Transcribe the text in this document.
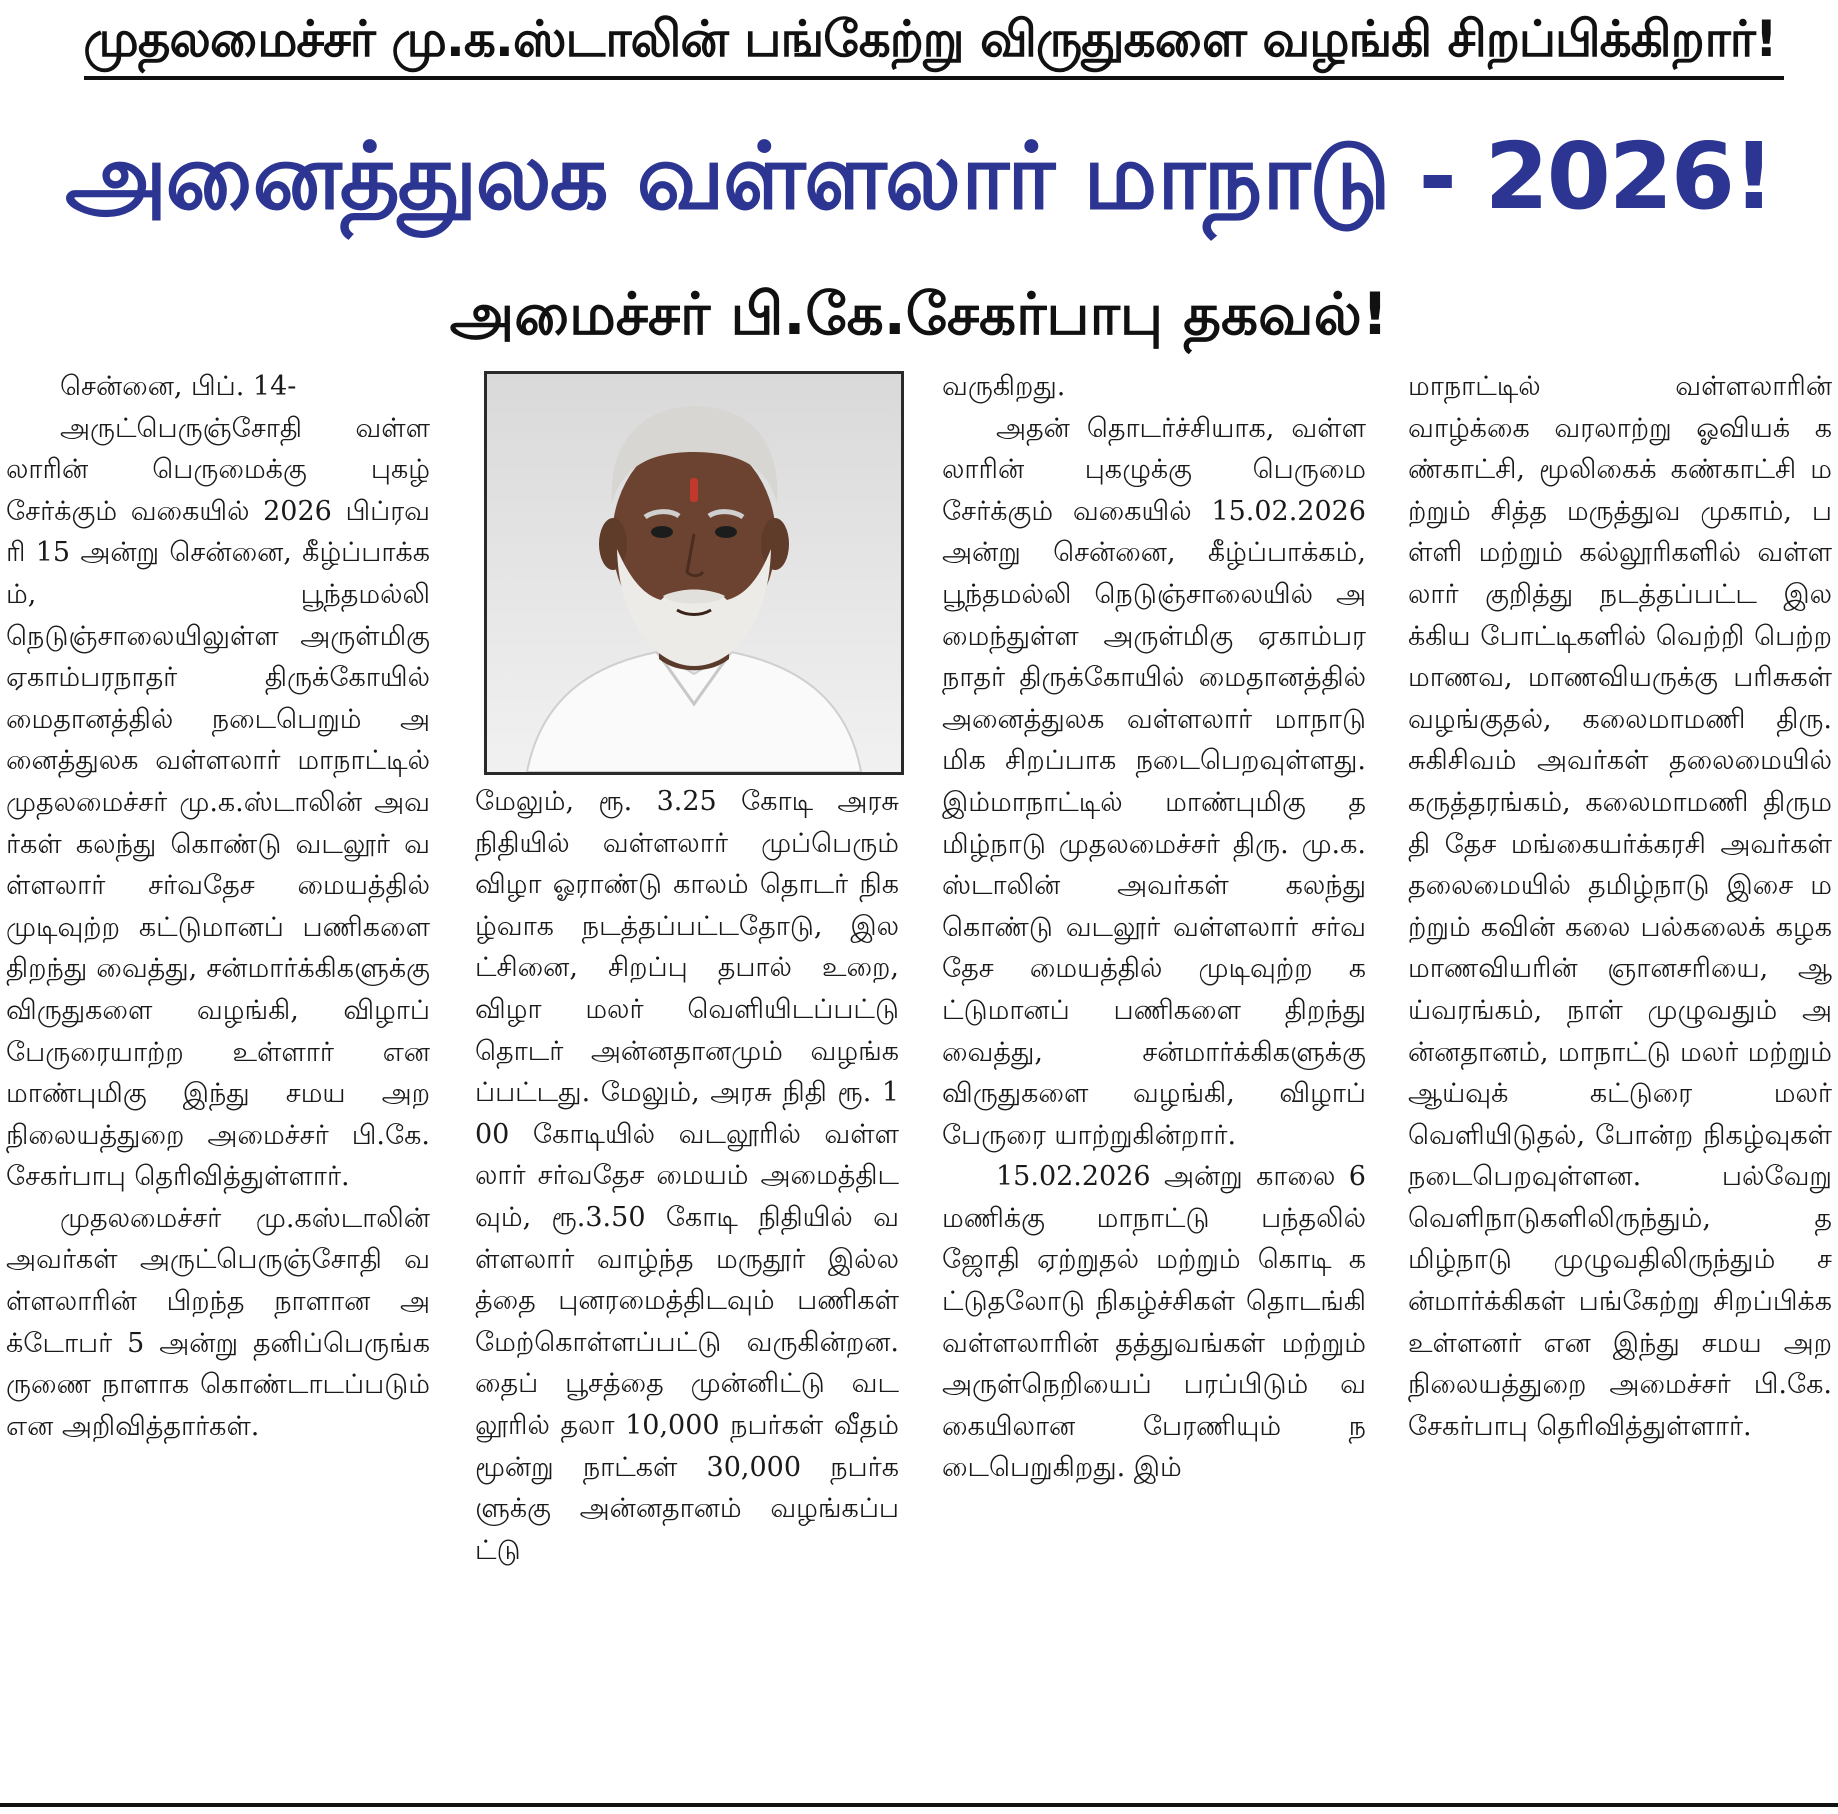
முதலமைச்சர் மு.க.ஸ்டாலின் பங்கேற்று விருதுகளை வழங்கி சிறப்பிக்கிறார்!
அனைத்துலக வள்ளலார் மாநாடு - 2026!
அமைச்சர் பி.கே.சேகர்பாபு தகவல்!

சென்னை, பிப். 14-

அருட்பெருஞ்சோதி வள்ளலாரின் பெருமைக்கு புகழ் சேர்க்கும் வகையில் 2026 பிப்ரவரி 15 அன்று சென்னை, கீழ்ப்பாக்கம், பூந்தமல்லி நெடுஞ்சாலையிலுள்ள அருள்மிகு ஏகாம்பரநாதர் திருக்கோயில் மைதானத்தில் நடைபெறும் அனைத்துலக வள்ளலார் மாநாட்டில் முதலமைச்சர் மு.க.ஸ்டாலின் அவர்கள் கலந்து கொண்டு வடலூர் வள்ளலார் சர்வதேச மையத்தில் முடிவுற்ற கட்டுமானப் பணிகளை திறந்து வைத்து, சன்மார்க்கிகளுக்கு விருதுகளை வழங்கி, விழாப் பேருரையாற்ற உள்ளார் என மாண்புமிகு இந்து சமய அறநிலையத்துறை அமைச்சர் பி.கே.சேகர்பாபு தெரிவித்துள்ளார்.

முதலமைச்சர் மு.கஸ்டாலின் அவர்கள் அருட்பெருஞ்சோதி வள்ளலாரின் பிறந்த நாளான அக்டோபர் 5 அன்று தனிப்பெருங்கருணை நாளாக கொண்டாடப்படும் என அறிவித்தார்கள்.

மேலும், ரூ. 3.25 கோடி அரசு நிதியில் வள்ளலார் முப்பெரும் விழா ஓராண்டு காலம் தொடர் நிகழ்வாக நடத்தப்பட்டதோடு, இலட்சினை, சிறப்பு தபால் உறை, விழா மலர் வெளியிடப்பட்டு தொடர் அன்னதானமும் வழங்கப்பட்டது. மேலும், அரசு நிதி ரூ. 100 கோடியில் வடலூரில் வள்ளலார் சர்வதேச மையம் அமைத்திடவும், ரூ.3.50 கோடி நிதியில் வள்ளலார் வாழ்ந்த மருதூர் இல்லத்தை புனரமைத்திடவும் பணிகள் மேற்கொள்ளப்பட்டு வருகின்றன. தைப் பூசத்தை முன்னிட்டு வடலூரில் தலா 10,000 நபர்கள் வீதம் மூன்று நாட்கள் 30,000 நபர்களுக்கு அன்னதானம் வழங்கப்பட்டு

வருகிறது.

அதன் தொடர்ச்சியாக, வள்ளலாரின் புகழுக்கு பெருமை சேர்க்கும் வகையில் 15.02.2026 அன்று சென்னை, கீழ்ப்பாக்கம், பூந்தமல்லி நெடுஞ்சாலையில் அமைந்துள்ள அருள்மிகு ஏகாம்பரநாதர் திருக்கோயில் மைதானத்தில் அனைத்துலக வள்ளலார் மாநாடு மிக சிறப்பாக நடைபெறவுள்ளது. இம்மாநாட்டில் மாண்புமிகு தமிழ்நாடு முதலமைச்சர் திரு. மு.க.ஸ்டாலின் அவர்கள் கலந்து கொண்டு வடலூர் வள்ளலார் சர்வதேச மையத்தில் முடிவுற்ற கட்டுமானப் பணிகளை திறந்து வைத்து, சன்மார்க்கிகளுக்கு விருதுகளை வழங்கி, விழாப் பேருரை யாற்றுகின்றார்.

15.02.2026 அன்று காலை 6 மணிக்கு மாநாட்டு பந்தலில் ஜோதி ஏற்றுதல் மற்றும் கொடி கட்டுதலோடு நிகழ்ச்சிகள் தொடங்கி வள்ளலாரின் தத்துவங்கள் மற்றும் அருள்நெறியைப் பரப்பிடும் வகையிலான பேரணியும் நடைபெறுகிறது. இம்

மாநாட்டில் வள்ளலாரின் வாழ்க்கை வரலாற்று ஓவியக் கண்காட்சி, மூலிகைக் கண்காட்சி மற்றும் சித்த மருத்துவ முகாம், பள்ளி மற்றும் கல்லூரிகளில் வள்ளலார் குறித்து நடத்தப்பட்ட இலக்கிய போட்டிகளில் வெற்றி பெற்ற மாணவ, மாணவியருக்கு பரிசுகள் வழங்குதல், கலைமாமணி திரு. சுகிசிவம் அவர்கள் தலைமையில் கருத்தரங்கம், கலைமாமணி திருமதி தேச மங்கையர்க்கரசி அவர்கள் தலைமையில் தமிழ்நாடு இசை மற்றும் கவின் கலை பல்கலைக் கழக மாணவியரின் ஞானசரியை, ஆய்வரங்கம், நாள் முழுவதும் அன்னதானம், மாநாட்டு மலர் மற்றும் ஆய்வுக் கட்டுரை மலர் வெளியிடுதல், போன்ற நிகழ்வுகள் நடைபெறவுள்ளன. பல்வேறு வெளிநாடுகளிலிருந்தும், தமிழ்நாடு முழுவதிலிருந்தும் சன்மார்க்கிகள் பங்கேற்று சிறப்பிக்க உள்ளனர் என இந்து சமய அறநிலையத்துறை அமைச்சர் பி.கே.சேகர்பாபு தெரிவித்துள்ளார்.
